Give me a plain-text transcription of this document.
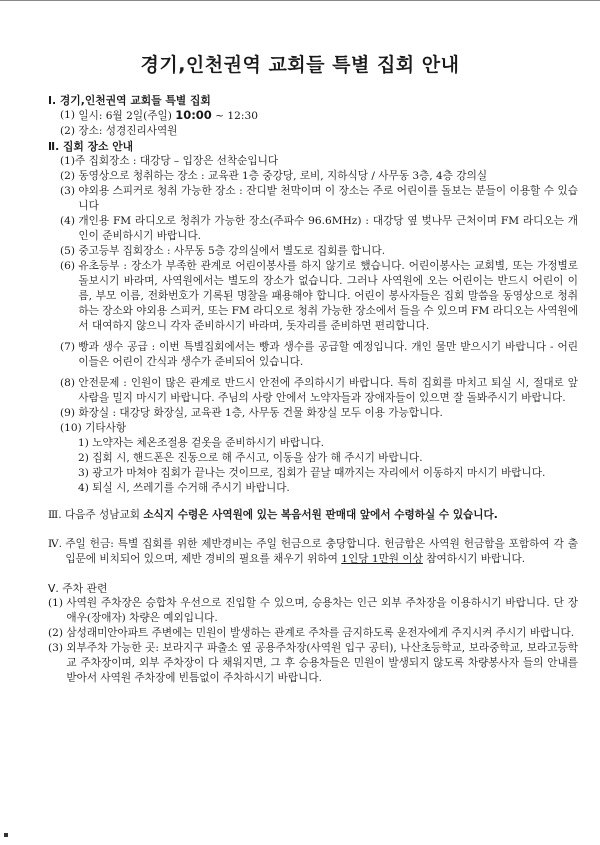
경기,인천권역 교회들 특별 집회 안내
Ⅰ. 경기,인천권역 교회들 특별 집회
(1) 일시: 6월 2일(주일) 10:00 ~ 12:30
(2) 장소: 성경진리사역원
Ⅱ. 집회 장소 안내
(1) 주 집회장소 : 대강당 – 입장은 선착순입니다
(2) 동영상으로 청취하는 장소 : 교육관 1층 중강당, 로비, 지하식당 / 사무동 3층, 4층 강의실
(3) 야외용 스피커로 청취 가능한 장소 : 잔디밭 천막이며 이 장소는 주로 어린이를 돌보는 분들이 이용할 수 있습니다
(4) 개인용 FM 라디오로 청취가 가능한 장소(주파수 96.6MHz) : 대강당 옆 벚나무 근처이며 FM 라디오는 개인이 준비하시기 바랍니다.
(5) 중고등부 집회장소 : 사무동 5층 강의실에서 별도로 집회를 합니다.
(6) 유초등부 : 장소가 부족한 관계로 어린이봉사를 하지 않기로 했습니다. 어린이봉사는 교회별, 또는 가정별로 돌보시기 바라며, 사역원에서는 별도의 장소가 없습니다. 그러나 사역원에 오는 어린이는 반드시 어린이 이름, 부모 이름, 전화번호가 기록된 명찰을 패용해야 합니다. 어린이 봉사자들은 집회 말씀을 동영상으로 청취하는 장소와 야외용 스피커, 또는 FM 라디오로 청취 가능한 장소에서 들을 수 있으며 FM 라디오는 사역원에서 대여하지 않으니 각자 준비하시기 바라며, 돗자리를 준비하면 편리합니다.
(7) 빵과 생수 공급 : 이번 특별집회에서는 빵과 생수를 공급할 예정입니다. 개인 물만 받으시기 바랍니다 - 어린이들은 어린이 간식과 생수가 준비되어 있습니다.
(8) 안전문제 : 인원이 많은 관계로 반드시 안전에 주의하시기 바랍니다. 특히 집회를 마치고 퇴실 시, 절대로 앞사람을 밀지 마시기 바랍니다. 주님의 사랑 안에서 노약자들과 장애자들이 있으면 잘 돌봐주시기 바랍니다.
(9) 화장실 : 대강당 화장실, 교육관 1층, 사무동 건물 화장실 모두 이용 가능합니다.
(10) 기타사항
1) 노약자는 체온조절용 겉옷을 준비하시기 바랍니다.
2) 집회 시, 핸드폰은 진동으로 해 주시고, 이동을 삼가 해 주시기 바랍니다.
3) 광고가 마쳐야 집회가 끝나는 것이므로, 집회가 끝날 때까지는 자리에서 이동하지 마시기 바랍니다.
4) 퇴실 시, 쓰레기를 수거해 주시기 바랍니다.
Ⅲ. 다음주 성남교회 소식지 수령은 사역원에 있는 복음서원 판매대 앞에서 수령하실 수 있습니다.
Ⅳ. 주일 헌금: 특별 집회를 위한 제반경비는 주일 헌금으로 충당합니다. 헌금함은 사역원 헌금함을 포함하여 각 출입문에 비치되어 있으며, 제반 경비의 필요를 채우기 위하여 1인당 1만원 이상 참여하시기 바랍니다.
Ⅴ. 주차 관련
(1) 사역원 주차장은 승합차 우선으로 진입할 수 있으며, 승용차는 인근 외부 주차장을 이용하시기 바랍니다. 단 장애우(장애자) 차량은 예외입니다.
(2) 삼성래미안아파트 주변에는 민원이 발생하는 관계로 주차를 금지하도록 운전자에게 주지시켜 주시기 바랍니다.
(3) 외부주차 가능한 곳: 보라지구 파출소 옆 공용주차장(사역원 입구 공터), 나산초등학교, 보라중학교, 보라고등학교 주차장이며, 외부 주차장이 다 채워지면, 그 후 승용차들은 민원이 발생되지 않도록 차량봉사자 들의 안내를 받아서 사역원 주차장에 빈틈없이 주차하시기 바랍니다.
